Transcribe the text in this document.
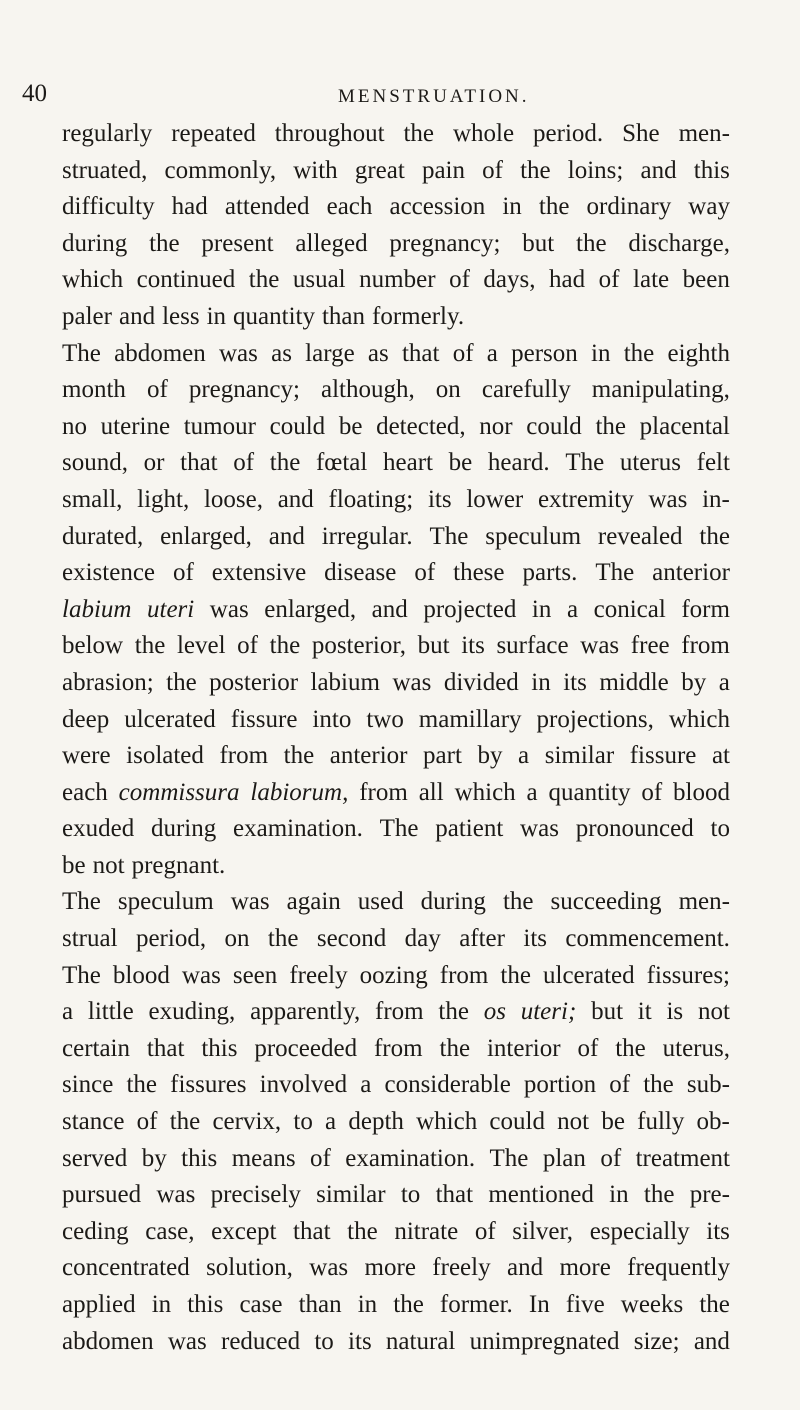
40	MENSTRUATION.
regularly repeated throughout the whole period. She men-
struated, commonly, with great pain of the loins; and this
difficulty had attended each accession in the ordinary way
during the present alleged pregnancy; but the discharge,
which continued the usual number of days, had of late been
paler and less in quantity than formerly.
The abdomen was as large as that of a person in the eighth
month of pregnancy; although, on carefully manipulating,
no uterine tumour could be detected, nor could the placental
sound, or that of the fœtal heart be heard. The uterus felt
small, light, loose, and floating; its lower extremity was in-
durated, enlarged, and irregular. The speculum revealed the
existence of extensive disease of these parts. The anterior
labium uteri was enlarged, and projected in a conical form
below the level of the posterior, but its surface was free from
abrasion; the posterior labium was divided in its middle by a
deep ulcerated fissure into two mamillary projections, which
were isolated from the anterior part by a similar fissure at
each commissura labiorum, from all which a quantity of blood
exuded during examination. The patient was pronounced to
be not pregnant.
The speculum was again used during the succeeding men-
strual period, on the second day after its commencement.
The blood was seen freely oozing from the ulcerated fissures;
a little exuding, apparently, from the os uteri; but it is not
certain that this proceeded from the interior of the uterus,
since the fissures involved a considerable portion of the sub-
stance of the cervix, to a depth which could not be fully ob-
served by this means of examination. The plan of treatment
pursued was precisely similar to that mentioned in the pre-
ceding case, except that the nitrate of silver, especially its
concentrated solution, was more freely and more frequently
applied in this case than in the former. In five weeks the
abdomen was reduced to its natural unimpregnated size; and
